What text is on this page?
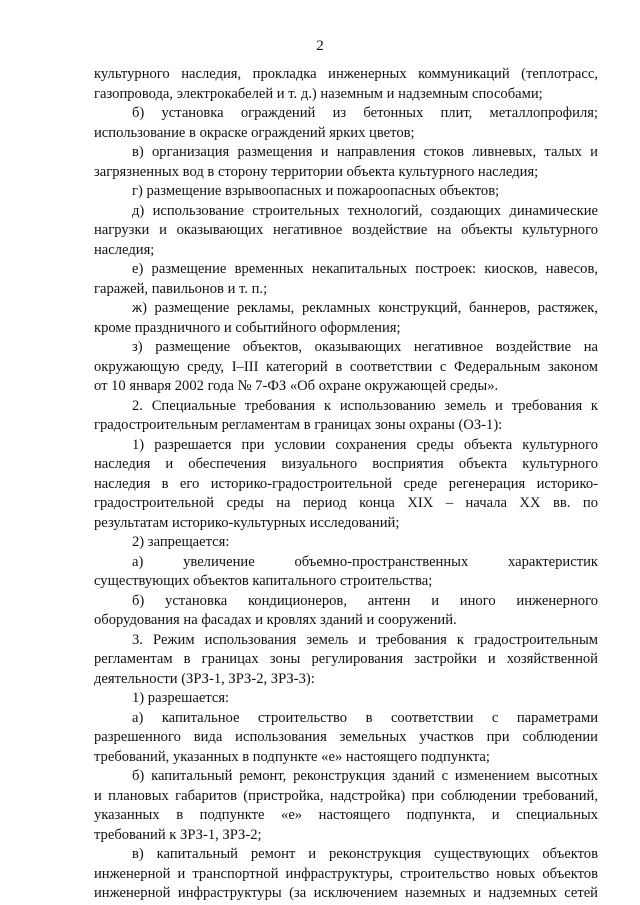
2
культурного наследия, прокладка инженерных коммуникаций (теплотрасс,
газопровода, электрокабелей и т. д.) наземным и надземным способами;
б) установка ограждений из бетонных плит, металлопрофиля;
использование в окраске ограждений ярких цветов;
в) организация размещения и направления стоков ливневых, талых и
загрязненных вод в сторону территории объекта культурного наследия;
г) размещение взрывоопасных и пожароопасных объектов;
д) использование строительных технологий, создающих динамические
нагрузки и оказывающих негативное воздействие на объекты культурного
наследия;
е) размещение временных некапитальных построек: киосков, навесов,
гаражей, павильонов и т. п.;
ж) размещение рекламы, рекламных конструкций, баннеров, растяжек,
кроме праздничного и событийного оформления;
з) размещение объектов, оказывающих негативное воздействие на
окружающую среду, I–III категорий в соответствии с Федеральным законом
от 10 января 2002 года № 7-ФЗ «Об охране окружающей среды».
2. Специальные требования к использованию земель и требования к
градостроительным регламентам в границах зоны охраны (ОЗ-1):
1) разрешается при условии сохранения среды объекта культурного
наследия и обеспечения визуального восприятия объекта культурного
наследия в его историко-градостроительной среде регенерация историко-
градостроительной среды на период конца XIX – начала XX вв. по
результатам историко-культурных исследований;
2) запрещается:
а) увеличение объемно-пространственных характеристик
существующих объектов капитального строительства;
б) установка кондиционеров, антенн и иного инженерного
оборудования на фасадах и кровлях зданий и сооружений.
3. Режим использования земель и требования к градостроительным
регламентам в границах зоны регулирования застройки и хозяйственной
деятельности (ЗРЗ-1, ЗРЗ-2, ЗРЗ-3):
1) разрешается:
а) капитальное строительство в соответствии с параметрами
разрешенного вида использования земельных участков при соблюдении
требований, указанных в подпункте «е» настоящего подпункта;
б) капитальный ремонт, реконструкция зданий с изменением высотных
и плановых габаритов (пристройка, надстройка) при соблюдении требований,
указанных в подпункте «е» настоящего подпункта, и специальных
требований к ЗРЗ-1, ЗРЗ-2;
в) капитальный ремонт и реконструкция существующих объектов
инженерной и транспортной инфраструктуры, строительство новых объектов
инженерной инфраструктуры (за исключением наземных и надземных сетей
